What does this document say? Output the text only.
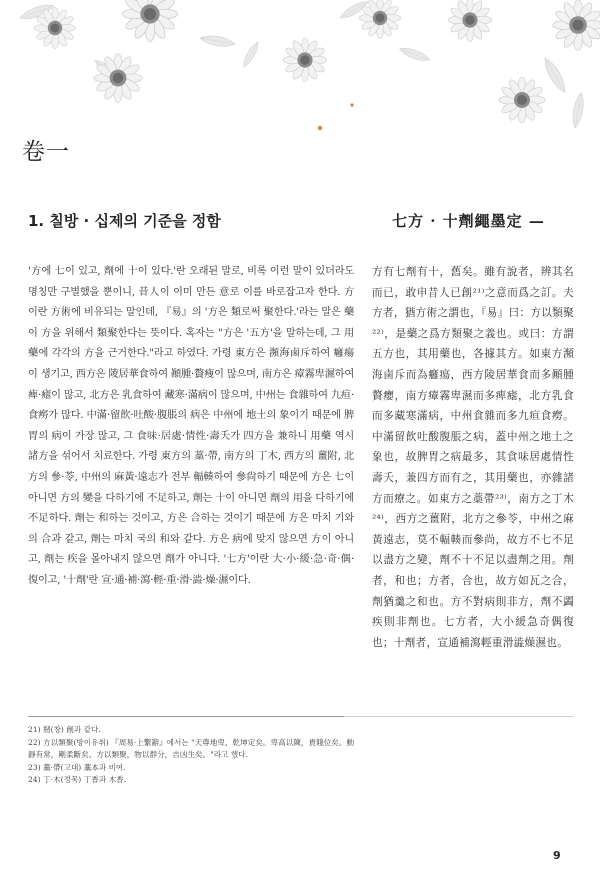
卷一
1. 칠방 · 십제의 기준을 정함	七方 · 十劑繩墨定 —

'方에 七이 있고, 劑에 十이 있다.'란 오래된 말로, 비록 이런 말이 있더라도 명칭만 구별했을 뿐이니, 昔人이 이미 만든 意로 이를 바로잡고자 한다. 方이란 方術에 비유되는 말인데, 『易』의 '方은 類로써 聚한다.'라는 말은 藥이 方을 위해서 類聚한다는 뜻이다. 혹자는 "方은 '五方'을 말하는데, 그 用藥에 각각의 方을 근거한다."라고 하였다. 가령 東方은 瀕海鹵斥하여 癰瘍이 생기고, 西方은 陵居華食하여 顚腫·贅瘦이 많으며, 南方은 瘴霧卑濕하여 痺·瘧이 많고, 北方은 乳食하여 藏寒·滿病이 많으며, 中州는 食雜하여 九疸·食癆가 많다. 中滿·留飮·吐酸·腹脹의 病은 中州에 地土의 象이기 때문에 脾胃의 病이 가장 많고, 그 食味·居處·情性·壽夭가 四方을 兼하니 用藥 역시 諸方을 섞어서 치료한다. 가령 東方의 藁·帶, 南方의 丁木, 西方의 薑附, 北方의 參·苓, 中州의 麻黃·遠志가 전부 輻輳하여 參尙하기 때문에 方은 七이 아니면 方의 變을 다하기에 不足하고, 劑는 十이 아니면 劑의 用을 다하기에 不足하다. 劑는 和하는 것이고, 方은 合하는 것이기 때문에 方은 마치 기와의 合과 같고, 劑는 마치 국의 和와 같다. 方은 病에 맞지 않으면 方이 아니고, 劑는 疾을 몰아내지 않으면 劑가 아니다. '七方'이란 大·小·緩·急·奇·偶·復이고, '十劑'란 宣·通·補·瀉·輕·重·滑·澁·燥·濕이다.

方有七劑有十，舊矣。雖有說者，辨其名而已，敢申昔人已創²¹⁾之意而爲之訂。夫方者，猶方術之謂也，『易』曰：方以類聚²²⁾，是藥之爲方類聚之義也。或曰：方謂五方也，其用藥也，各據其方。如東方瀕海鹵斥而為癰瘍，西方陵居華食而多顚腫贅癭，南方瘴霧卑濕而多痺瘧，北方乳食而多藏寒滿病，中州食雜而多九疸食癆。中滿留飮吐酸腹脹之病，蓋中州之地土之象也，故脾胃之病最多，其食味居處情性壽夭，兼四方而有之，其用藥也，亦雜諸方而療之。如東方之藁帶²³⁾，南方之丁木²⁴⁾，西方之薑附，北方之參苓，中州之麻黃遠志，莫不輻輳而參尚，故方不七不足以盡方之變，劑不十不足以盡劑之用。劑者，和也；方者，合也，故方如瓦之合，劑猶羹之和也。方不對病則非方，劑不蠲疾則非劑也。七方者，大小緩急奇偶復也；十劑者，宣通補瀉輕重滑澁燥濕也。

21) 剏(창) 創과 같다.

22) 方以類聚(방이유취) 『周易·上繫辭』에서는 "天尊地卑，乾坤定矣。卑高以陳，貴賤位矣。動靜有常，剛柔斷矣。方以類聚，物以群分，吉凶生矣。"라고 했다.

23) 藁·帶(고대) 藁本과 비여.

24) 丁·木(정목) 丁香과 木香.

9
